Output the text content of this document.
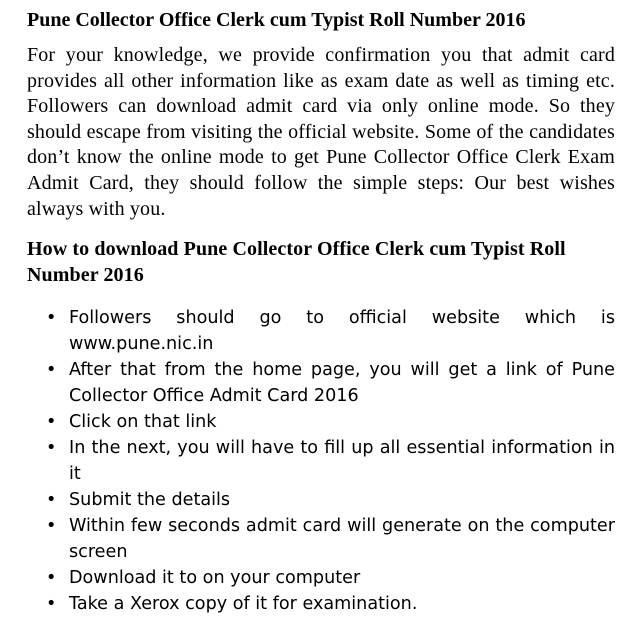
Pune Collector Office Clerk cum Typist Roll Number 2016

For your knowledge, we provide confirmation you that admit card provides all other information like as exam date as well as timing etc. Followers can download admit card via only online mode. So they should escape from visiting the official website. Some of the candidates don’t know the online mode to get Pune Collector Office Clerk Exam Admit Card, they should follow the simple steps: Our best wishes always with you.

How to download Pune Collector Office Clerk cum Typist Roll Number 2016
• Followers should go to official website which is www.pune.nic.in
• After that from the home page, you will get a link of Pune Collector Office Admit Card 2016
• Click on that link
• In the next, you will have to fill up all essential information in it
• Submit the details
• Within few seconds admit card will generate on the computer screen
• Download it to on your computer
• Take a Xerox copy of it for examination.
